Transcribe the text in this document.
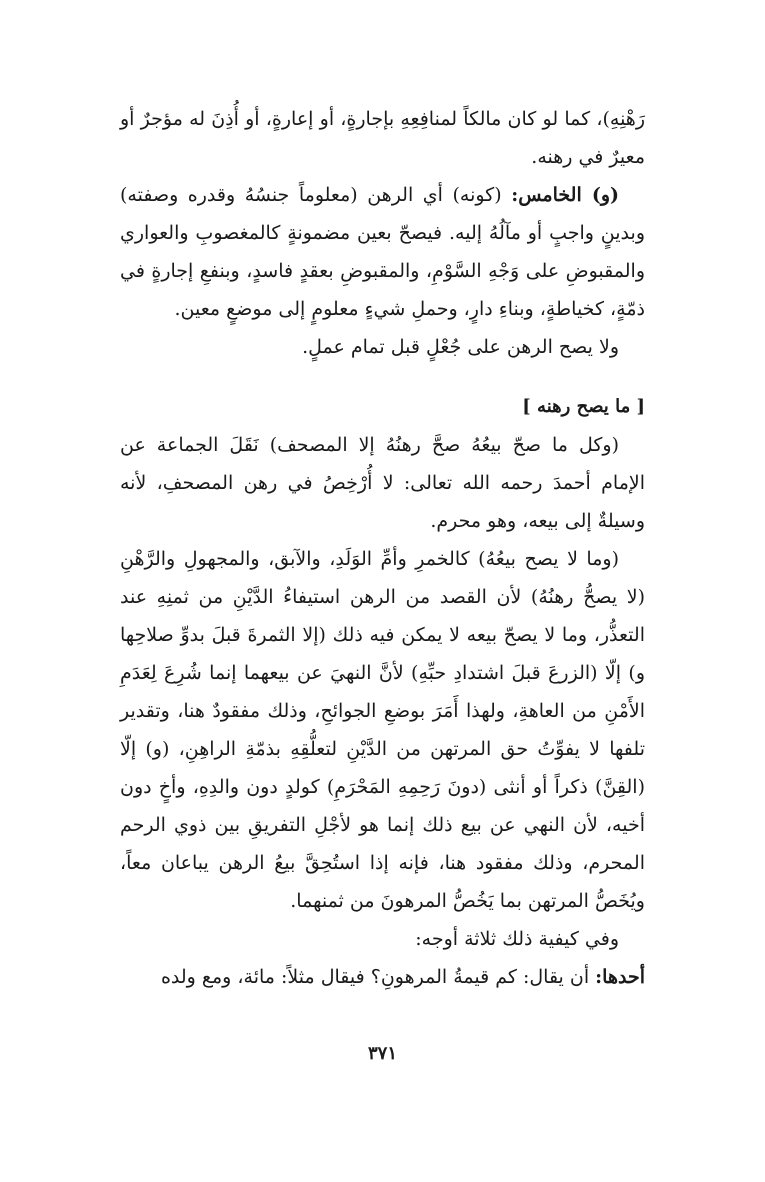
رَهْنِهِ)، كما لو كان مالكاً لمنافِعِهِ بإجارةٍ، أو إعارةٍ، أو أُذِنَ له مؤجرٌ أو معيرٌ في رهنه.

(و) الخامس: (كونه) أي الرهن (معلوماً جنسُهُ وقدره وصفته) وبدينٍ واجبٍ أو مآلُهُ إليه. فيصحّ بعين مضمونةٍ كالمغصوبِ والعواري والمقبوضِ على وَجْهِ السَّوْمِ، والمقبوضِ بعقدٍ فاسدٍ، وبنفعِ إجارةٍ في ذمّةٍ، كخياطةٍ، وبناءِ دارٍ، وحملِ شيءٍ معلومٍ إلى موضعٍ معين.

ولا يصح الرهن على جُعْلٍ قبل تمام عملٍ.

[ ما يصح رهنه ]

(وكل ما صحّ بيعُهُ صحَّ رهنُهُ إلا المصحف) نَقَلَ الجماعة عن الإمام أحمدَ رحمه الله تعالى: لا أُرْخِصُ في رهن المصحفِ، لأنه وسيلةٌ إلى بيعه، وهو محرم.

(وما لا يصح بيعُهُ) كالخمرِ وأمِّ الوَلَدِ، والآبق، والمجهولِ والرَّهْنِ (لا يصحُّ رهنُهُ) لأن القصد من الرهن استيفاءُ الدَّيْنِ من ثمنِهِ عند التعذُّر، وما لا يصحّ بيعه لا يمكن فيه ذلك (إلا الثمرةَ قبلَ بدوِّ صلاحِها و) إلّا (الزرعَ قبلَ اشتدادِ حبِّهِ) لأنَّ النهيَ عن بيعهما إنما شُرِعَ لِعَدَمِ الأَمْنِ من العاهةِ، ولهذا أَمَرَ بوضعِ الجوائحِ، وذلك مفقودٌ هنا، وتقدير تلفها لا يفوِّتُ حق المرتهن من الدَّيْنِ لتعلُّقِهِ بذمّةِ الراهِنِ، (و) إلّا (القِنَّ) ذكراً أو أنثى (دونَ رَحِمِهِ المَحْرَمِ) كولدٍ دون والدِهِ، وأخٍ دون أخيه، لأن النهي عن بيع ذلك إنما هو لأجْلِ التفريقِ بين ذوي الرحم المحرم، وذلك مفقود هنا، فإنه إذا استُحِقَّ بيعُ الرهن يباعان معاً، ويُخَصُّ المرتهن بما يَخُصُّ المرهونَ من ثمنهما.

وفي كيفية ذلك ثلاثة أوجه:

أحدها: أن يقال: كم قيمةُ المرهونِ؟ فيقال مثلاً: مائة، ومع ولده

٣٧١
